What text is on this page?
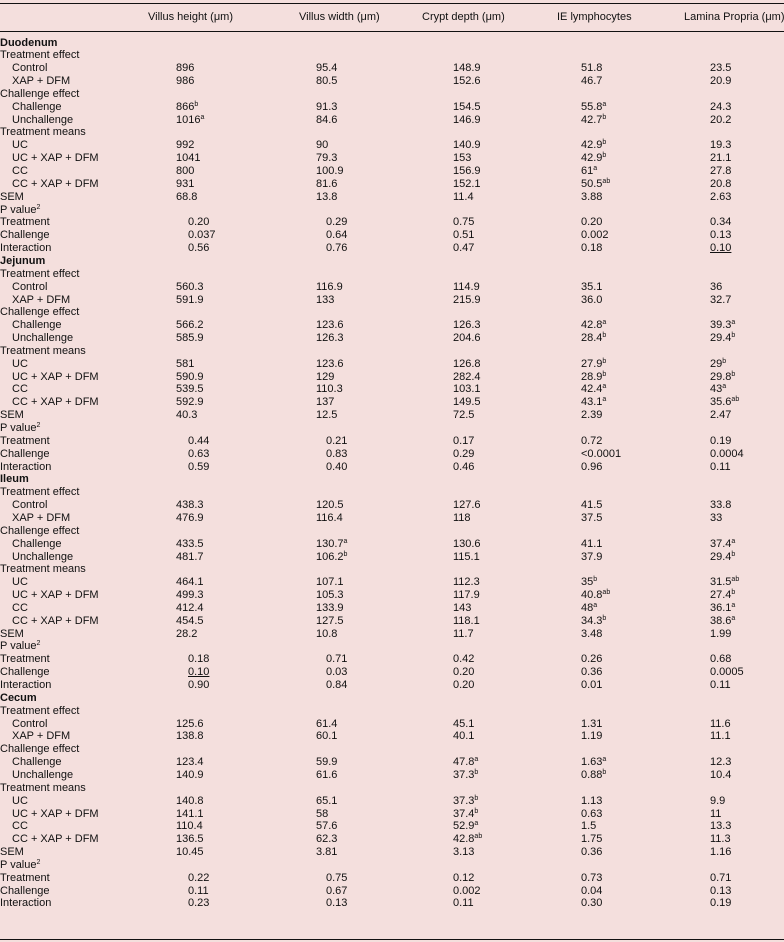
Villus height (μm)	Villus width (μm)	Crypt depth (μm)	IE lymphocytes	Lamina Propria (μm)
Duodenum
Treatment effect
Control	896	95.4	148.9	51.8	23.5
XAP + DFM	986	80.5	152.6	46.7	20.9
Challenge effect
Challenge	866$^b$	91.3	154.5	55.8$^a$	24.3
Unchallenge	1016$^a$	84.6	146.9	42.7$^b$	20.2
Treatment means
UC	992	90	140.9	42.9$^b$	19.3
UC + XAP + DFM	1041	79.3	153	42.9$^b$	21.1
CC	800	100.9	156.9	61$^a$	27.8
CC + XAP + DFM	931	81.6	152.1	50.5$^{ab}$	20.8
SEM	68.8	13.8	11.4	3.88	2.63
P value$^2$
Treatment	0.20	0.29	0.75	0.20	0.34
Challenge	0.037	0.64	0.51	0.002	0.13
Interaction	0.56	0.76	0.47	0.18	0.10
Jejunum
Treatment effect
Control	560.3	116.9	114.9	35.1	36
XAP + DFM	591.9	133	215.9	36.0	32.7
Challenge effect
Challenge	566.2	123.6	126.3	42.8$^a$	39.3$^a$
Unchallenge	585.9	126.3	204.6	28.4$^b$	29.4$^b$
Treatment means
UC	581	123.6	126.8	27.9$^b$	29$^b$
UC + XAP + DFM	590.9	129	282.4	28.9$^b$	29.8$^b$
CC	539.5	110.3	103.1	42.4$^a$	43$^a$
CC + XAP + DFM	592.9	137	149.5	43.1$^a$	35.6$^{ab}$
SEM	40.3	12.5	72.5	2.39	2.47
P value$^2$
Treatment	0.44	0.21	0.17	0.72	0.19
Challenge	0.63	0.83	0.29	<0.0001	0.0004
Interaction	0.59	0.40	0.46	0.96	0.11
Ileum
Treatment effect
Control	438.3	120.5	127.6	41.5	33.8
XAP + DFM	476.9	116.4	118	37.5	33
Challenge effect
Challenge	433.5	130.7$^a$	130.6	41.1	37.4$^a$
Unchallenge	481.7	106.2$^b$	115.1	37.9	29.4$^b$
Treatment means
UC	464.1	107.1	112.3	35$^b$	31.5$^{ab}$
UC + XAP + DFM	499.3	105.3	117.9	40.8$^{ab}$	27.4$^b$
CC	412.4	133.9	143	48$^a$	36.1$^a$
CC + XAP + DFM	454.5	127.5	118.1	34.3$^b$	38.6$^a$
SEM	28.2	10.8	11.7	3.48	1.99
P value$^2$
Treatment	0.18	0.71	0.42	0.26	0.68
Challenge	0.10	0.03	0.20	0.36	0.0005
Interaction	0.90	0.84	0.20	0.01	0.11
Cecum
Treatment effect
Control	125.6	61.4	45.1	1.31	11.6
XAP + DFM	138.8	60.1	40.1	1.19	11.1
Challenge effect
Challenge	123.4	59.9	47.8$^a$	1.63$^a$	12.3
Unchallenge	140.9	61.6	37.3$^b$	0.88$^b$	10.4
Treatment means
UC	140.8	65.1	37.3$^b$	1.13	9.9
UC + XAP + DFM	141.1	58	37.4$^b$	0.63	11
CC	110.4	57.6	52.9$^a$	1.5	13.3
CC + XAP + DFM	136.5	62.3	42.8$^{ab}$	1.75	11.3
SEM	10.45	3.81	3.13	0.36	1.16
P value$^2$
Treatment	0.22	0.75	0.12	0.73	0.71
Challenge	0.11	0.67	0.002	0.04	0.13
Interaction	0.23	0.13	0.11	0.30	0.19
